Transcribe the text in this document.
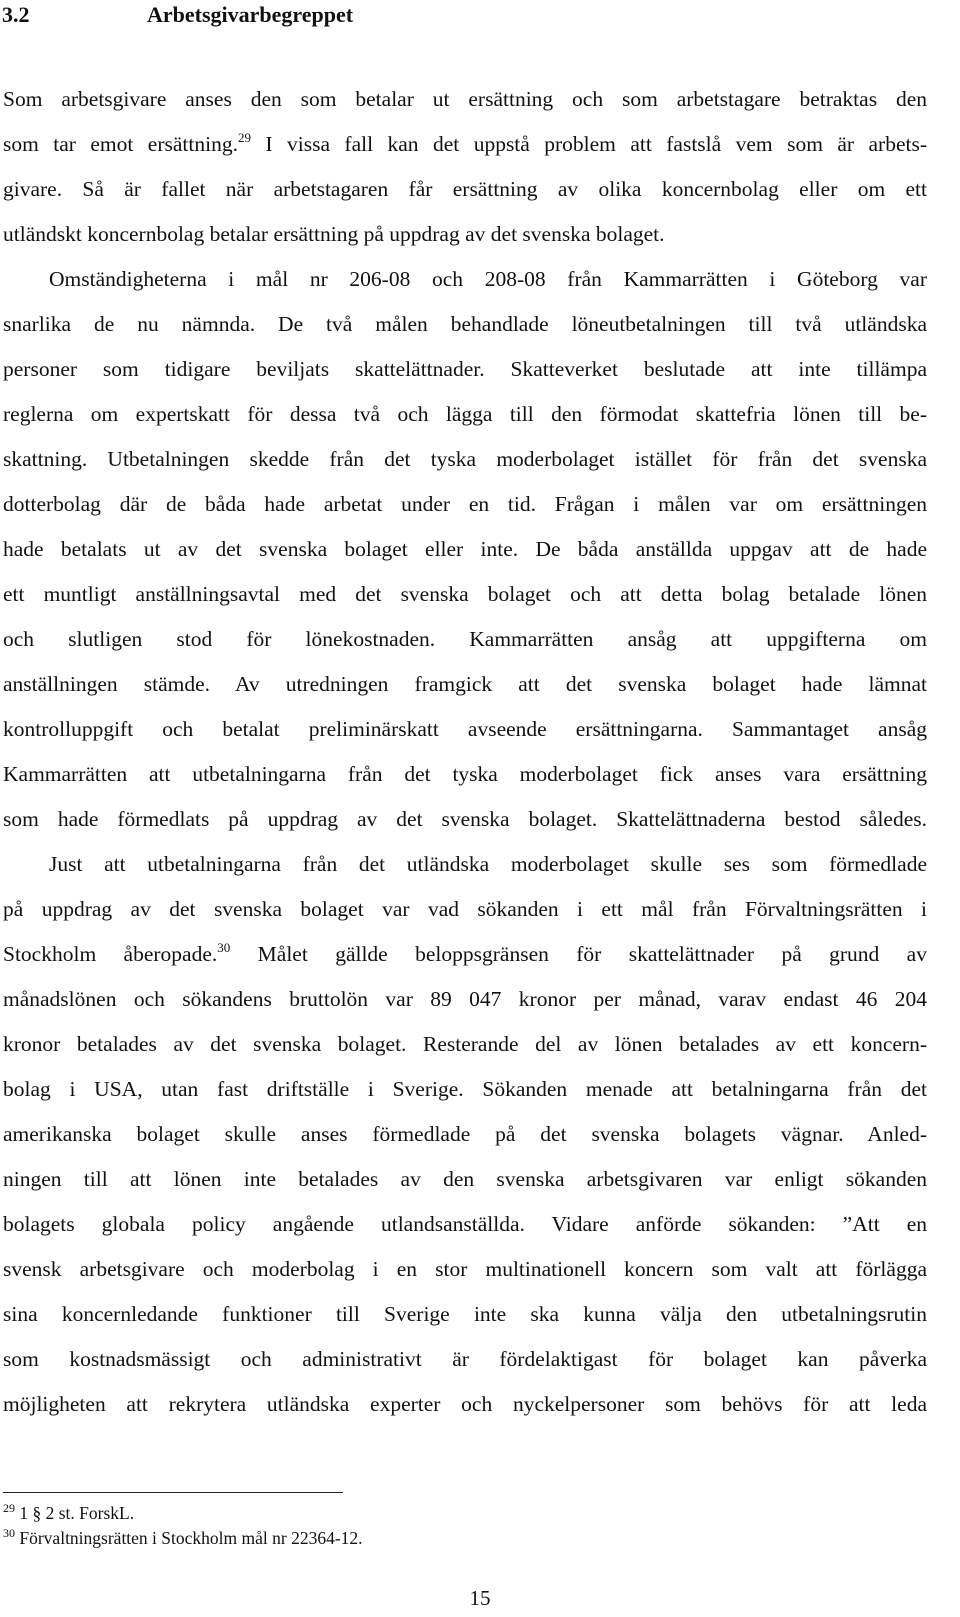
3.2	Arbetsgivarbegreppet
Som arbetsgivare anses den som betalar ut ersättning och som arbetstagare betraktas den
som tar emot ersättning.$^{29}$ I vissa fall kan det uppstå problem att fastslå vem som är arbets-
givare. Så är fallet när arbetstagaren får ersättning av olika koncernbolag eller om ett
utländskt koncernbolag betalar ersättning på uppdrag av det svenska bolaget.
Omständigheterna i mål nr 206-08 och 208-08 från Kammarrätten i Göteborg var
snarlika de nu nämnda. De två målen behandlade löneutbetalningen till två utländska
personer som tidigare beviljats skattelättnader. Skatteverket beslutade att inte tillämpa
reglerna om expertskatt för dessa två och lägga till den förmodat skattefria lönen till be-
skattning. Utbetalningen skedde från det tyska moderbolaget istället för från det svenska
dotterbolag där de båda hade arbetat under en tid. Frågan i målen var om ersättningen
hade betalats ut av det svenska bolaget eller inte. De båda anställda uppgav att de hade
ett muntligt anställningsavtal med det svenska bolaget och att detta bolag betalade lönen
och slutligen stod för lönekostnaden. Kammarrätten ansåg att uppgifterna om
anställningen stämde. Av utredningen framgick att det svenska bolaget hade lämnat
kontrolluppgift och betalat preliminärskatt avseende ersättningarna. Sammantaget ansåg
Kammarrätten att utbetalningarna från det tyska moderbolaget fick anses vara ersättning
som hade förmedlats på uppdrag av det svenska bolaget. Skattelättnaderna bestod således.
Just att utbetalningarna från det utländska moderbolaget skulle ses som förmedlade
på uppdrag av det svenska bolaget var vad sökanden i ett mål från Förvaltningsrätten i
Stockholm åberopade.$^{30}$ Målet gällde beloppsgränsen för skattelättnader på grund av
månadslönen och sökandens bruttolön var 89 047 kronor per månad, varav endast 46 204
kronor betalades av det svenska bolaget. Resterande del av lönen betalades av ett koncern-
bolag i USA, utan fast driftställe i Sverige. Sökanden menade att betalningarna från det
amerikanska bolaget skulle anses förmedlade på det svenska bolagets vägnar. Anled-
ningen till att lönen inte betalades av den svenska arbetsgivaren var enligt sökanden
bolagets globala policy angående utlandsanställda. Vidare anförde sökanden: ”Att en
svensk arbetsgivare och moderbolag i en stor multinationell koncern som valt att förlägga
sina koncernledande funktioner till Sverige inte ska kunna välja den utbetalningsrutin
som kostnadsmässigt och administrativt är fördelaktigast för bolaget kan påverka
möjligheten att rekrytera utländska experter och nyckelpersoner som behövs för att leda
$^{29}$ 1 § 2 st. ForskL.
$^{30}$ Förvaltningsrätten i Stockholm mål nr 22364-12.
15
